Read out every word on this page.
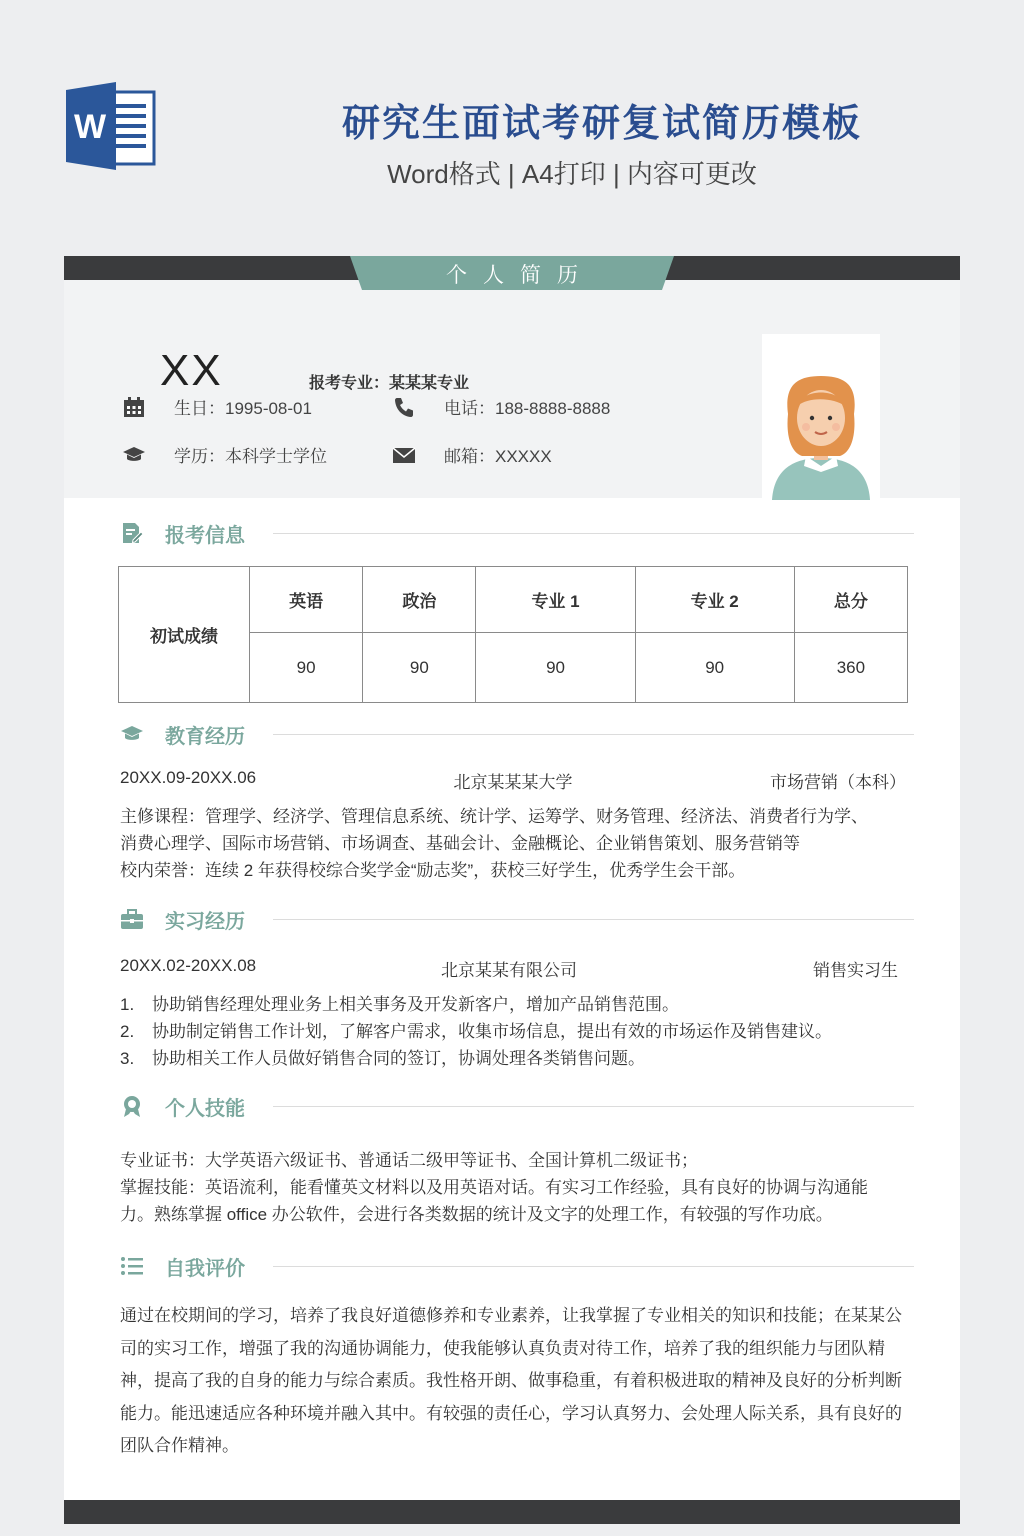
W	研究生面试考研复试简历模板
Word格式 | A4打印 | 内容可更改
XX	报考专业：某某某专业
生日：1995-08-01	电话：188-8888-8888
学历：本科学士学位	邮箱：XXXXX
个人简历
报考信息
初试成绩	英语	政治	专业 1	专业 2	总分
	90	90	90	90	360
教育经历
20XX.09-20XX.06	北京某某某大学	市场营销（本科）
主修课程：管理学、经济学、管理信息系统、统计学、运筹学、财务管理、经济法、消费者行为学、
消费心理学、国际市场营销、市场调查、基础会计、金融概论、企业销售策划、服务营销等
校内荣誉：连续 2 年获得校综合奖学金“励志奖”，获校三好学生，优秀学生会干部。
实习经历
20XX.02-20XX.08	北京某某有限公司	销售实习生
1. 协助销售经理处理业务上相关事务及开发新客户，增加产品销售范围。
2. 协助制定销售工作计划，了解客户需求，收集市场信息，提出有效的市场运作及销售建议。
3. 协助相关工作人员做好销售合同的签订，协调处理各类销售问题。
个人技能
专业证书：大学英语六级证书、普通话二级甲等证书、全国计算机二级证书；
掌握技能：英语流利，能看懂英文材料以及用英语对话。有实习工作经验，具有良好的协调与沟通能
力。熟练掌握 office 办公软件，会进行各类数据的统计及文字的处理工作，有较强的写作功底。
自我评价
通过在校期间的学习，培养了我良好道德修养和专业素养，让我掌握了专业相关的知识和技能；在某某公司的实习工作，增强了我的沟通协调能力，使我能够认真负责对待工作，培养了我的组织能力与团队精神，提高了我的自身的能力与综合素质。我性格开朗、做事稳重，有着积极进取的精神及良好的分析判断能力。能迅速适应各种环境并融入其中。有较强的责任心，学习认真努力、会处理人际关系，具有良好的团队合作精神。
